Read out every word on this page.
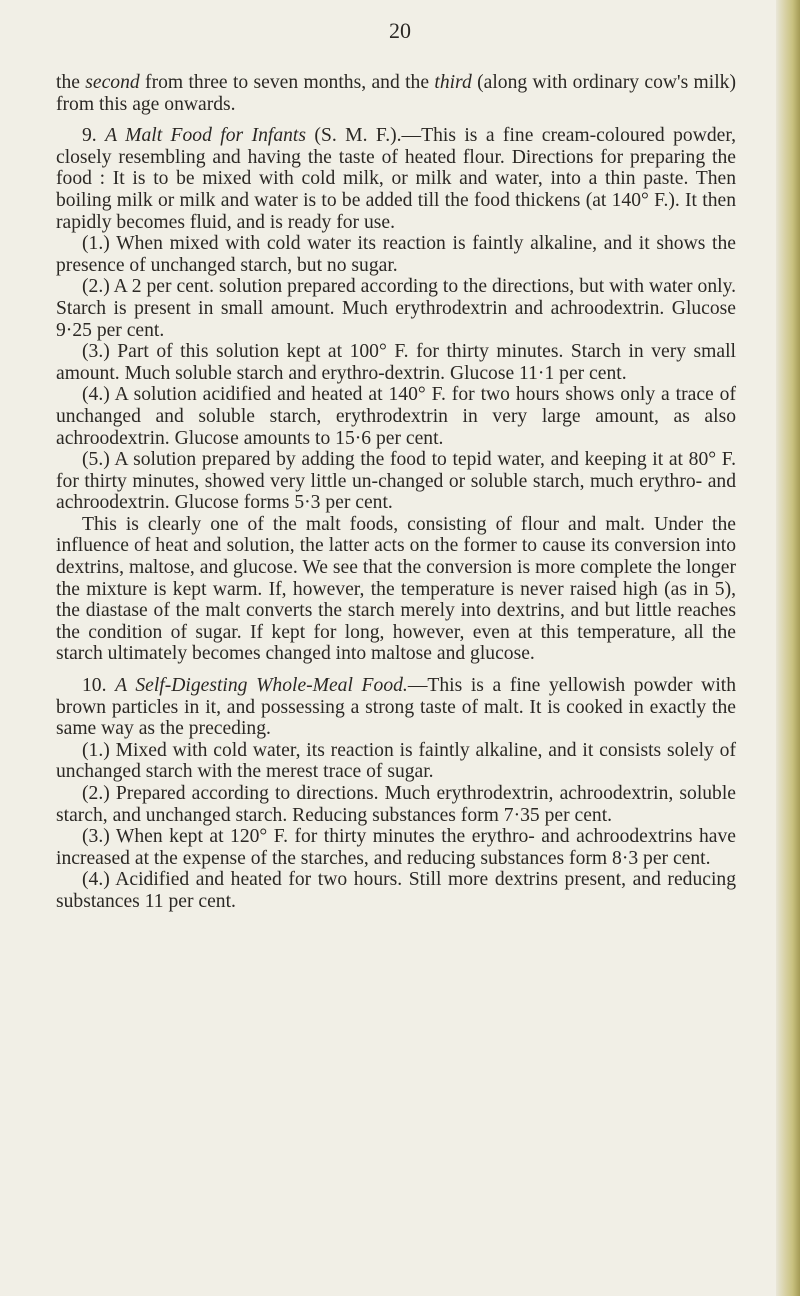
20

the second from three to seven months, and the third (along with ordinary cow's milk) from this age onwards.

9. A Malt Food for Infants (S. M. F.).—This is a fine cream-coloured powder, closely resembling and having the taste of heated flour. Directions for preparing the food : It is to be mixed with cold milk, or milk and water, into a thin paste. Then boiling milk or milk and water is to be added till the food thickens (at 140° F.). It then rapidly becomes fluid, and is ready for use.

(1.) When mixed with cold water its reaction is faintly alkaline, and it shows the presence of unchanged starch, but no sugar.

(2.) A 2 per cent. solution prepared according to the directions, but with water only. Starch is present in small amount. Much erythrodextrin and achroodextrin. Glucose 9·25 per cent.

(3.) Part of this solution kept at 100° F. for thirty minutes. Starch in very small amount. Much soluble starch and erythro-dextrin. Glucose 11·1 per cent.

(4.) A solution acidified and heated at 140° F. for two hours shows only a trace of unchanged and soluble starch, erythrodextrin in very large amount, as also achroodextrin. Glucose amounts to 15·6 per cent.

(5.) A solution prepared by adding the food to tepid water, and keeping it at 80° F. for thirty minutes, showed very little un-changed or soluble starch, much erythro- and achroodextrin. Glucose forms 5·3 per cent.

This is clearly one of the malt foods, consisting of flour and malt. Under the influence of heat and solution, the latter acts on the former to cause its conversion into dextrins, maltose, and glucose. We see that the conversion is more complete the longer the mixture is kept warm. If, however, the temperature is never raised high (as in 5), the diastase of the malt converts the starch merely into dextrins, and but little reaches the condition of sugar. If kept for long, however, even at this temperature, all the starch ultimately becomes changed into maltose and glucose.

10. A Self-Digesting Whole-Meal Food.—This is a fine yellowish powder with brown particles in it, and possessing a strong taste of malt. It is cooked in exactly the same way as the preceding.

(1.) Mixed with cold water, its reaction is faintly alkaline, and it consists solely of unchanged starch with the merest trace of sugar.

(2.) Prepared according to directions. Much erythrodextrin, achroodextrin, soluble starch, and unchanged starch. Reducing substances form 7·35 per cent.

(3.) When kept at 120° F. for thirty minutes the erythro- and achroodextrins have increased at the expense of the starches, and reducing substances form 8·3 per cent.

(4.) Acidified and heated for two hours. Still more dextrins present, and reducing substances 11 per cent.
